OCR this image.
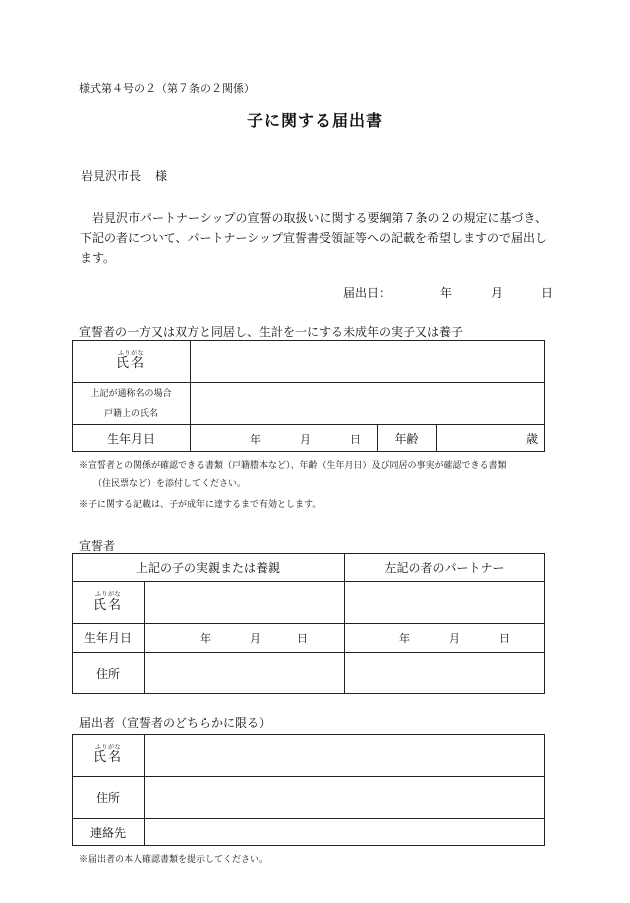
様式第４号の２（第７条の２関係）
子に関する届出書
岩見沢市長 様
　岩見沢市パートナーシップの宣誓の取扱いに関する要綱第７条の２の規定に基づき、下記の者について、パートナーシップ宣誓書受領証等への記載を希望しますので届出します。
届出日：	年	月	日
宣誓者の一方又は双方と同居し、生計を一にする未成年の実子又は養子
ふりがな
氏名
上記が通称名の場合
戸籍上の氏名
生年月日	年	月	日	年齢	歳
※宣誓者との関係が確認できる書類（戸籍謄本など）、年齢（生年月日）及び同居の事実が確認できる書類
（住民票など）を添付してください。
※子に関する記載は、子が成年に達するまで有効とします。
宣誓者
上記の子の実親または養親	左記の者のパートナー
ふりがな
氏名
生年月日	年	月	日	年	月	日
住所
届出者（宣誓者のどちらかに限る）
ふりがな
氏名
住所
連絡先
※届出者の本人確認書類を提示してください。
